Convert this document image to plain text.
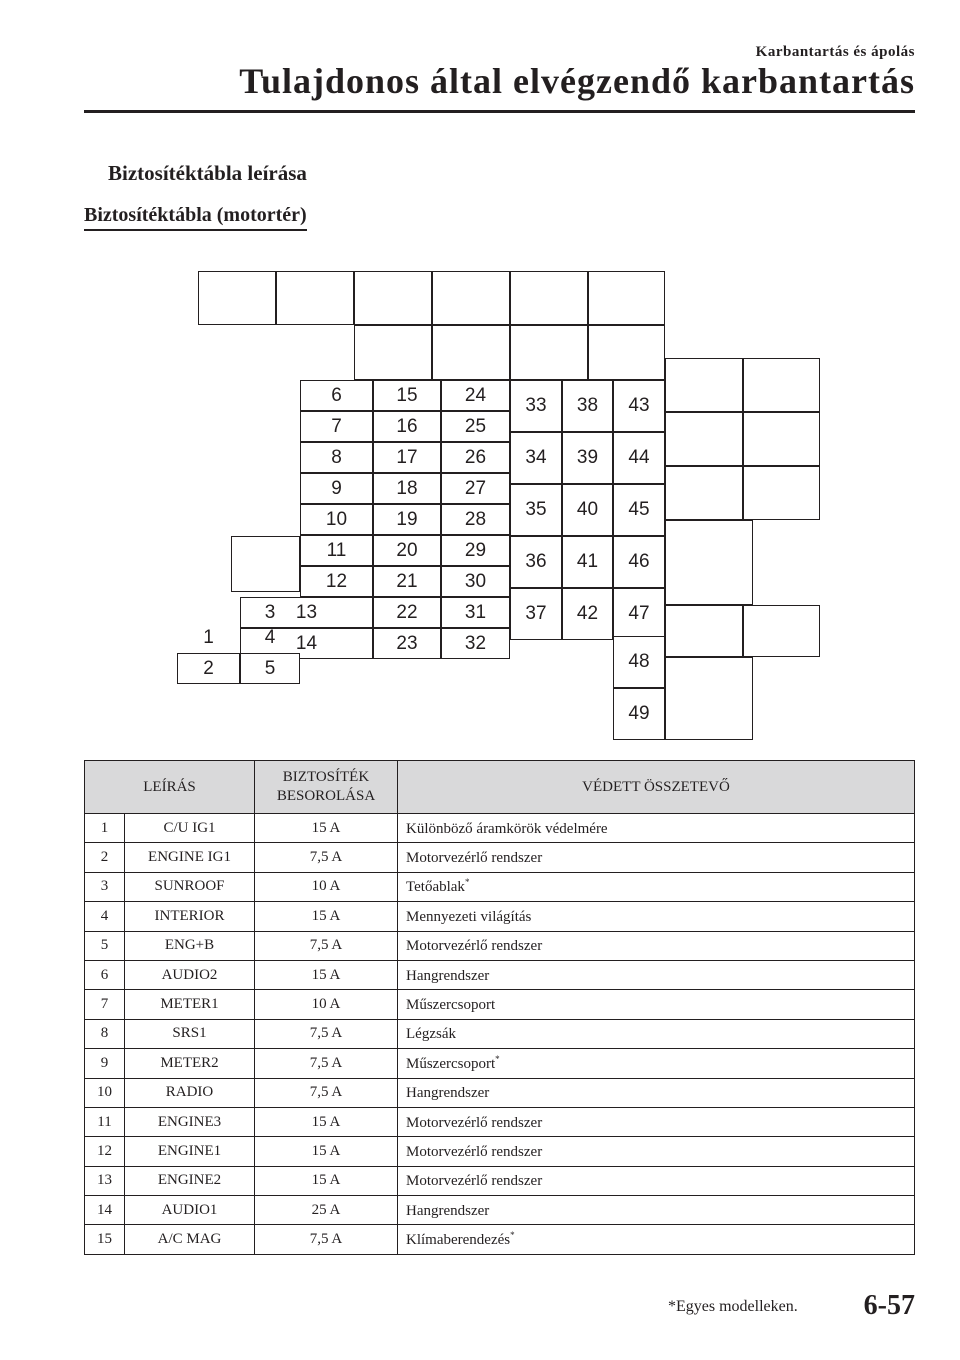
Karbantartás és ápolás
Tulajdonos által elvégzendő karbantartás
Biztosítéktábla leírása
Biztosítéktábla (motortér)
6
7
8
9
10
11
12
13
14
15
16
17
18
19
20
21
22
23
24
25
26
27
28
29
30
31
32
33
34
35
36
37
38
39
40
41
42
43
44
45
46
47
48
49
1
2
3
4
5
LEÍRÁS		BIZTOSÍTÉK
BESOROLÁSA	VÉDETT ÖSSZETEVŐ
1	C/U IG1	15 A	Különböző áramkörök védelmére
2	ENGINE IG1	7,5 A	Motorvezérlő rendszer
3	SUNROOF	10 A	Tetőablak*
4	INTERIOR	15 A	Mennyezeti világítás
5	ENG+B	7,5 A	Motorvezérlő rendszer
6	AUDIO2	15 A	Hangrendszer
7	METER1	10 A	Műszercsoport
8	SRS1	7,5 A	Légzsák
9	METER2	7,5 A	Műszercsoport*
10	RADIO	7,5 A	Hangrendszer
11	ENGINE3	15 A	Motorvezérlő rendszer
12	ENGINE1	15 A	Motorvezérlő rendszer
13	ENGINE2	15 A	Motorvezérlő rendszer
14	AUDIO1	25 A	Hangrendszer
15	A/C MAG	7,5 A	Klímaberendezés*
*Egyes modelleken. 6-57
